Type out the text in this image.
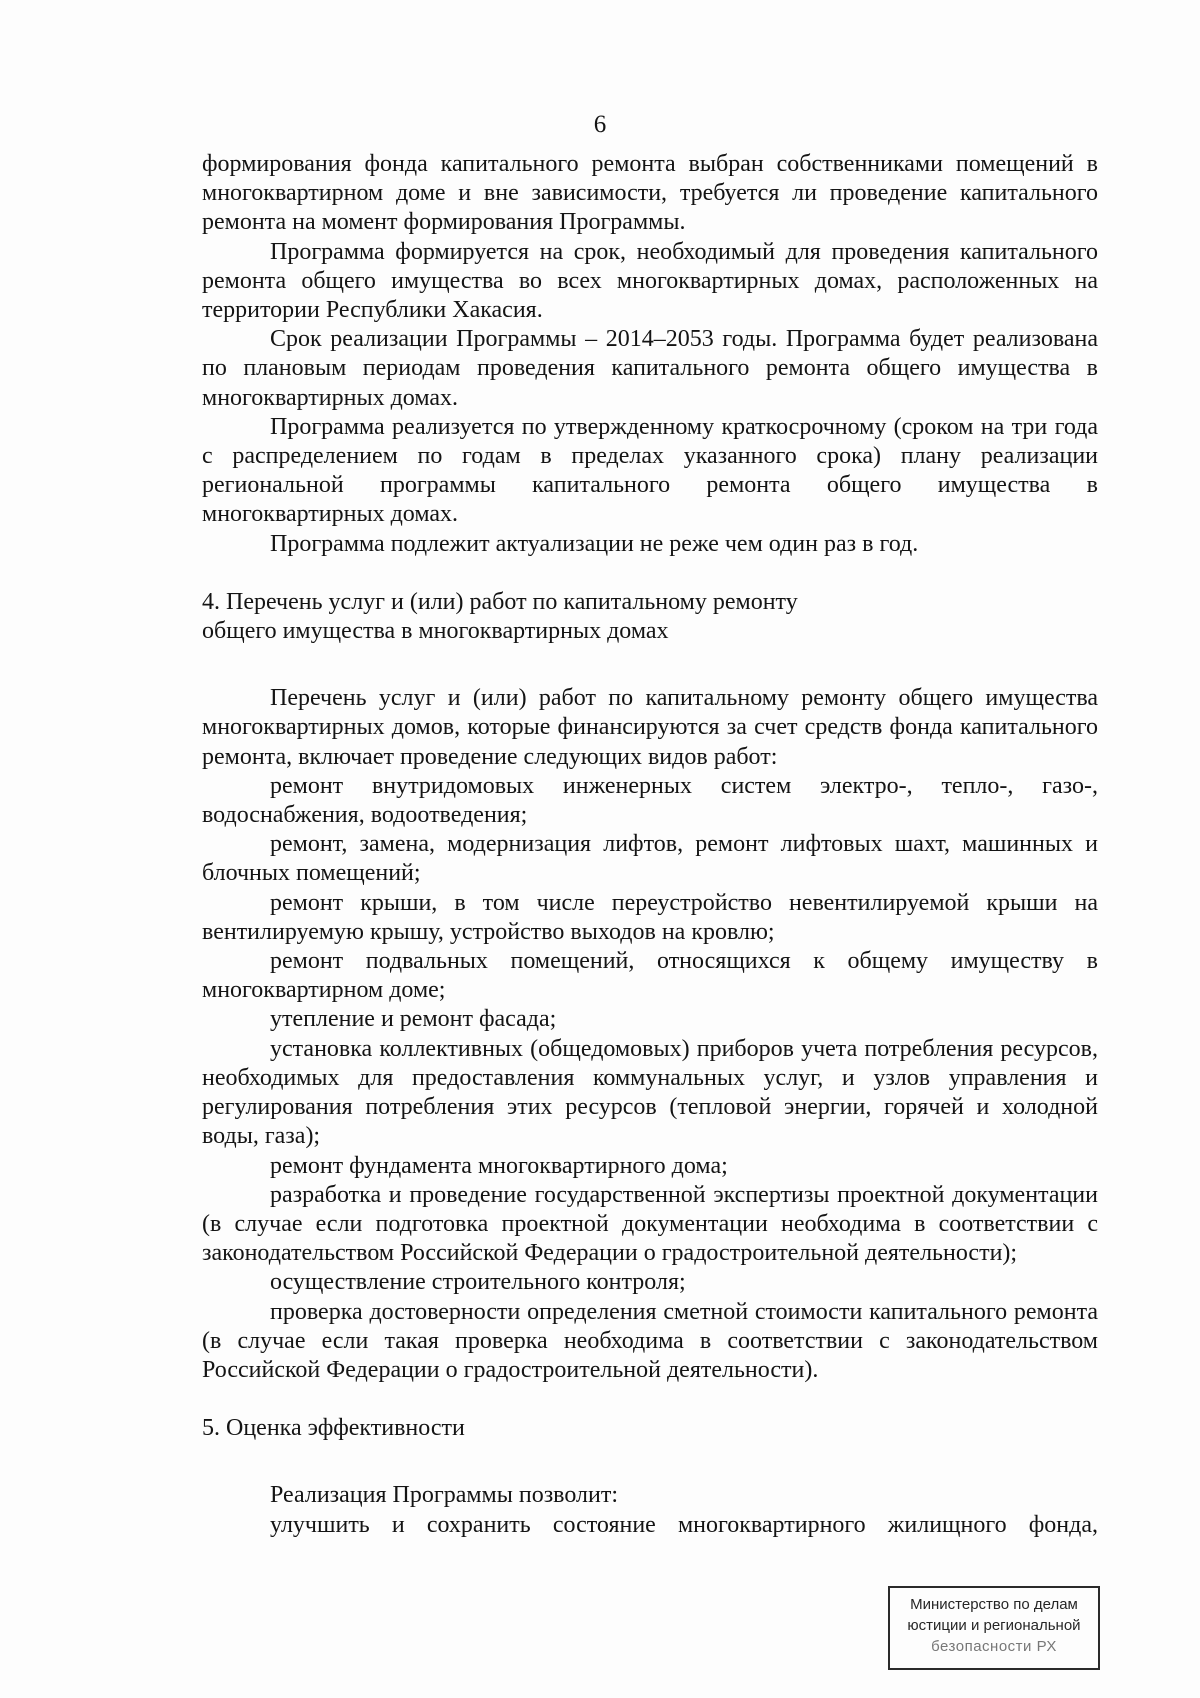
6

формирования фонда капитального ремонта выбран собственниками помещений в многоквартирном доме и вне зависимости, требуется ли проведение капитального ремонта на момент формирования Программы.

Программа формируется на срок, необходимый для проведения капитального ремонта общего имущества во всех многоквартирных домах, расположенных на территории Республики Хакасия.

Срок реализации Программы – 2014–2053 годы. Программа будет реализована по плановым периодам проведения капитального ремонта общего имущества в многоквартирных домах.

Программа реализуется по утвержденному краткосрочному (сроком на три года с распределением по годам в пределах указанного срока) плану реализации региональной программы капитального ремонта общего имущества в многоквартирных домах.

Программа подлежит актуализации не реже чем один раз в год.

4. Перечень услуг и (или) работ по капитальному ремонту

общего имущества в многоквартирных домах

Перечень услуг и (или) работ по капитальному ремонту общего имущества многоквартирных домов, которые финансируются за счет средств фонда капитального ремонта, включает проведение следующих видов работ:

ремонт внутридомовых инженерных систем электро-, тепло-, газо-, водоснабжения, водоотведения;

ремонт, замена, модернизация лифтов, ремонт лифтовых шахт, машинных и блочных помещений;

ремонт крыши, в том числе переустройство невентилируемой крыши на вентилируемую крышу, устройство выходов на кровлю;

ремонт подвальных помещений, относящихся к общему имуществу в многоквартирном доме;

утепление и ремонт фасада;

установка коллективных (общедомовых) приборов учета потребления ресурсов, необходимых для предоставления коммунальных услуг, и узлов управления и регулирования потребления этих ресурсов (тепловой энергии, горячей и холодной воды, газа);

ремонт фундамента многоквартирного дома;

разработка и проведение государственной экспертизы проектной документации (в случае если подготовка проектной документации необходима в соответствии с законодательством Российской Федерации о градостроительной деятельности);

осуществление строительного контроля;

проверка достоверности определения сметной стоимости капитального ремонта (в случае если такая проверка необходима в соответствии с законодательством Российской Федерации о градостроительной деятельности).

5. Оценка эффективности

Реализация Программы позволит:

улучшить и сохранить состояние многоквартирного жилищного фонда,

Министерство по делам
юстиции и региональной
безопасности РХ
